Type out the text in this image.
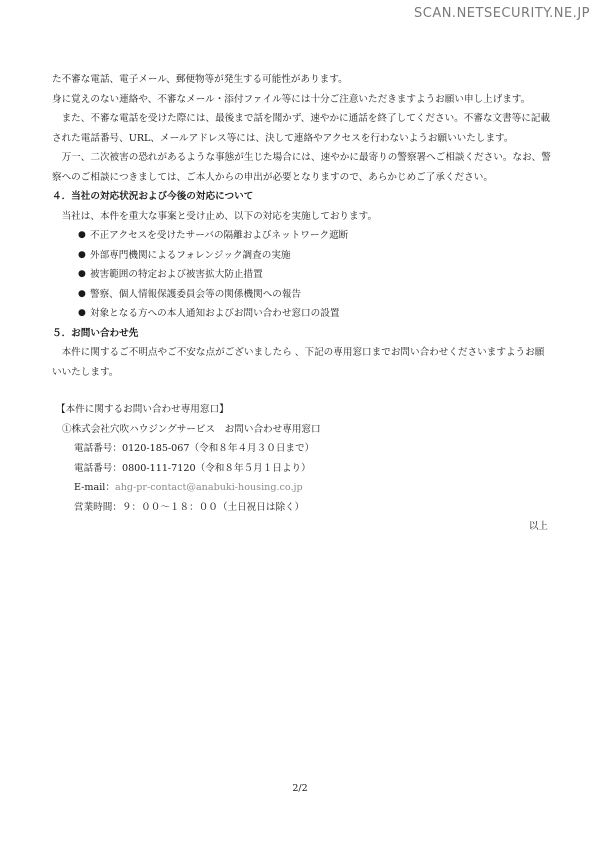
SCAN.NETSECURITY.NE.JP

た不審な電話、電子メール、郵便物等が発生する可能性があります。

身に覚えのない連絡や、不審なメール・添付ファイル等には十分ご注意いただきますようお願い申し上げます。

また、不審な電話を受けた際には、最後まで話を聞かず、速やかに通話を終了してください。不審な文書等に記載された電話番号、URL、メールアドレス等には、決して連絡やアクセスを行わないようお願いいたします。

万一、二次被害の恐れがあるような事態が生じた場合には、速やかに最寄りの警察署へご相談ください。なお、警察へのご相談につきましては、ご本人からの申出が必要となりますので、あらかじめご了承ください。

４．当社の対応状況および今後の対応について

当社は、本件を重大な事案と受け止め、以下の対応を実施しております。

● 不正アクセスを受けたサーバの隔離およびネットワーク遮断
● 外部専門機関によるフォレンジック調査の実施
● 被害範囲の特定および被害拡大防止措置
● 警察、個人情報保護委員会等の関係機関への報告
● 対象となる方への本人通知およびお問い合わせ窓口の設置

５．お問い合わせ先

本件に関するご不明点やご不安な点がございましたら 、下記の専用窓口までお問い合わせくださいますようお願いいたします。

【本件に関するお問い合わせ専用窓口】

①株式会社穴吹ハウジングサービス　お問い合わせ専用窓口

電話番号：0120-185-067（令和８年４月３０日まで）

電話番号：0800-111-7120（令和８年５月１日より）

E-mail：ahg-pr-contact@anabuki-housing.co.jp

営業時間：９：００～１８：００（土日祝日は除く）

以上

2/2
